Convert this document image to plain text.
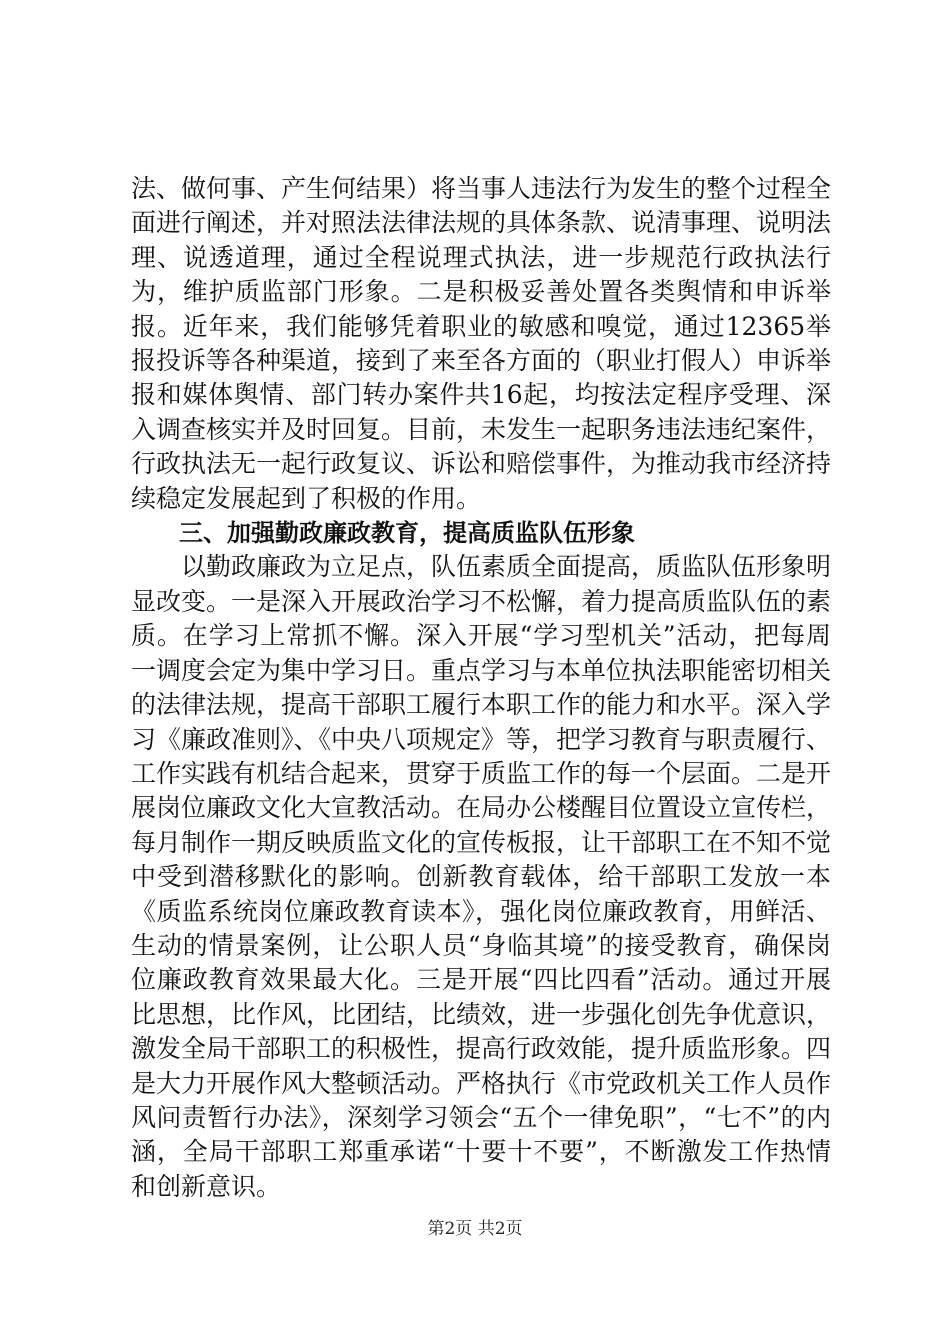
法、做何事、产生何结果）将当事人违法行为发生的整个过程全面进行阐述，并对照法法律法规的具体条款、说清事理、说明法理、说透道理，通过全程说理式执法，进一步规范行政执法行为，维护质监部门形象。二是积极妥善处置各类舆情和申诉举报。近年来，我们能够凭着职业的敏感和嗅觉，通过12365举报投诉等各种渠道，接到了来至各方面的（职业打假人）申诉举报和媒体舆情、部门转办案件共16起，均按法定程序受理、深入调查核实并及时回复。目前，未发生一起职务违法违纪案件，行政执法无一起行政复议、诉讼和赔偿事件，为推动我市经济持续稳定发展起到了积极的作用。

三、加强勤政廉政教育，提高质监队伍形象

以勤政廉政为立足点，队伍素质全面提高，质监队伍形象明显改变。一是深入开展政治学习不松懈，着力提高质监队伍的素质。在学习上常抓不懈。深入开展“学习型机关”活动，把每周一调度会定为集中学习日。重点学习与本单位执法职能密切相关的法律法规，提高干部职工履行本职工作的能力和水平。深入学习《廉政准则》、《中央八项规定》等，把学习教育与职责履行、工作实践有机结合起来，贯穿于质监工作的每一个层面。二是开展岗位廉政文化大宣教活动。在局办公楼醒目位置设立宣传栏，每月制作一期反映质监文化的宣传板报，让干部职工在不知不觉中受到潜移默化的影响。创新教育载体，给干部职工发放一本《质监系统岗位廉政教育读本》，强化岗位廉政教育，用鲜活、生动的情景案例，让公职人员“身临其境”的接受教育，确保岗位廉政教育效果最大化。三是开展“四比四看”活动。通过开展比思想，比作风，比团结，比绩效，进一步强化创先争优意识，激发全局干部职工的积极性，提高行政效能，提升质监形象。四是大力开展作风大整顿活动。严格执行《市党政机关工作人员作风问责暂行办法》，深刻学习领会“五个一律免职”，“七不”的内涵，全局干部职工郑重承诺“十要十不要”，不断激发工作热情和创新意识。

第2页 共2页
